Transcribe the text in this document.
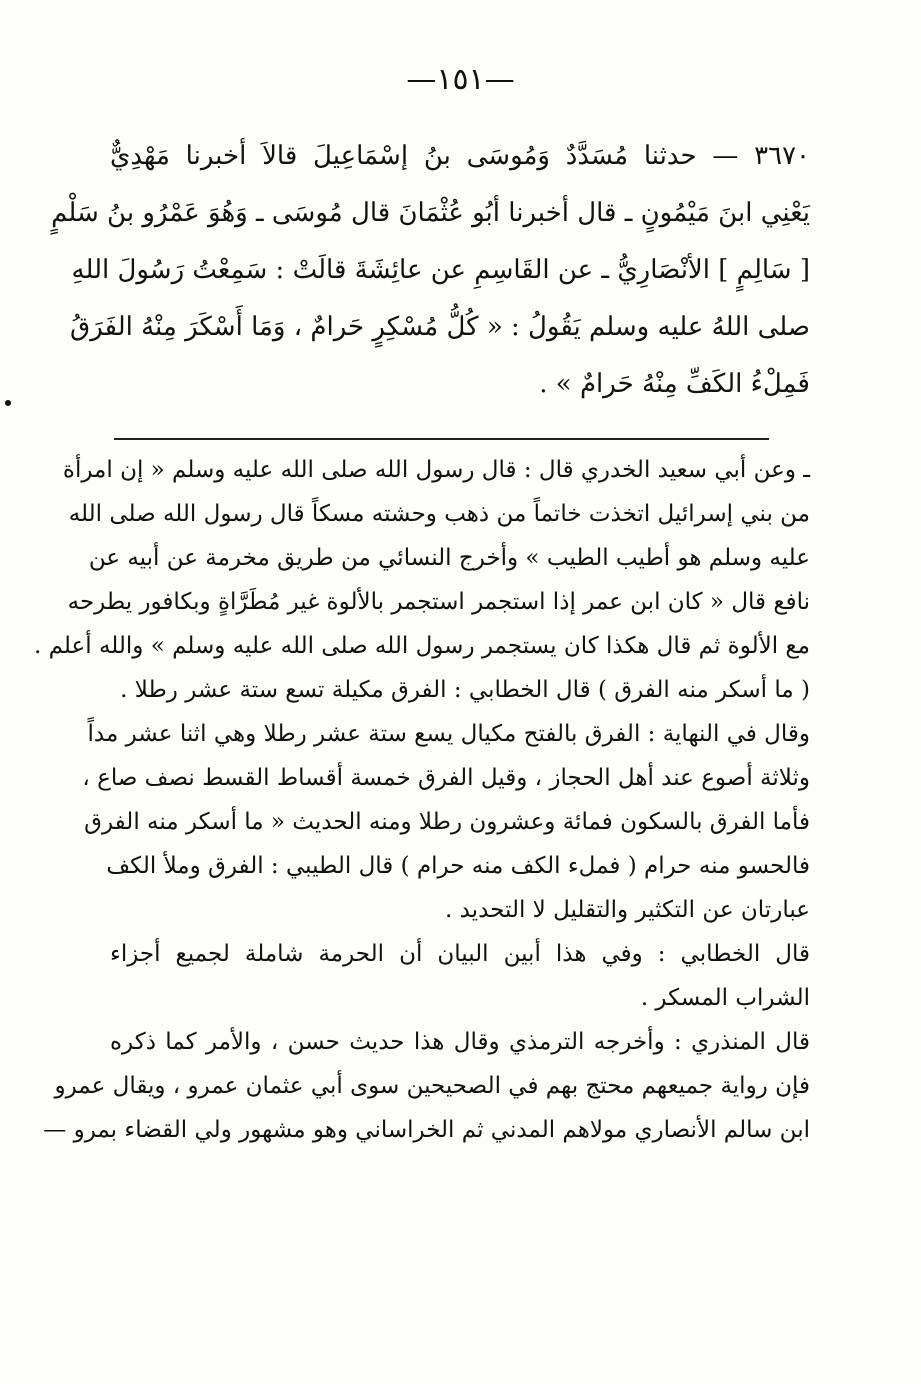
—١٥١—
٣٦٧٠ — حدثنا مُسَدَّدٌ وَمُوسَى بنُ إسْمَاعِيلَ قالاَ أخبرنا مَهْدِيٌّ
يَعْنِي ابنَ مَيْمُونٍ ـ قال أخبرنا أبُو عُثْمَانَ قال مُوسَى ـ وَهُوَ عَمْرُو بنُ سَلْمٍ
[ سَالِمٍ ] الأنْصَارِيُّ ـ عن القَاسِمِ عن عائِشَةَ قالَتْ : سَمِعْتُ رَسُولَ اللهِ
صلى اللهُ عليه وسلم يَقُولُ : « كُلُّ مُسْكِرٍ حَرامٌ ، وَمَا أَسْكَرَ مِنْهُ الفَرَقُ
فَمِلْءُ الكَفِّ مِنْهُ حَرامٌ » .
ـ وعن أبي سعيد الخدري قال : قال رسول الله صلى الله عليه وسلم « إن امرأة
من بني إسرائيل اتخذت خاتماً من ذهب وحشته مسكاً قال رسول الله صلى الله
عليه وسلم هو أطيب الطيب » وأخرج النسائي من طريق مخرمة عن أبيه عن
نافع قال « كان ابن عمر إذا استجمر استجمر بالألوة غير مُطَرَّاةٍ وبكافور يطرحه
مع الألوة ثم قال هكذا كان يستجمر رسول الله صلى الله عليه وسلم » والله أعلم .
( ما أسكر منه الفرق ) قال الخطابي : الفرق مكيلة تسع ستة عشر رطلا .
وقال في النهاية : الفرق بالفتح مكيال يسع ستة عشر رطلا وهي اثنا عشر مداً
وثلاثة أصوع عند أهل الحجاز ، وقيل الفرق خمسة أقساط القسط نصف صاع ،
فأما الفرق بالسكون فمائة وعشرون رطلا ومنه الحديث « ما أسكر منه الفرق
فالحسو منه حرام ( فملء الكف منه حرام ) قال الطيبي : الفرق وملأ الكف
عبارتان عن التكثير والتقليل لا التحديد .
قال الخطابي : وفي هذا أبين البيان أن الحرمة شاملة لجميع أجزاء
الشراب المسكر .
قال المنذري : وأخرجه الترمذي وقال هذا حديث حسن ، والأمر كما ذكره
فإن رواية جميعهم محتج بهم في الصحيحين سوى أبي عثمان عمرو ، ويقال عمرو
ابن سالم الأنصاري مولاهم المدني ثم الخراساني وهو مشهور ولي القضاء بمرو —
